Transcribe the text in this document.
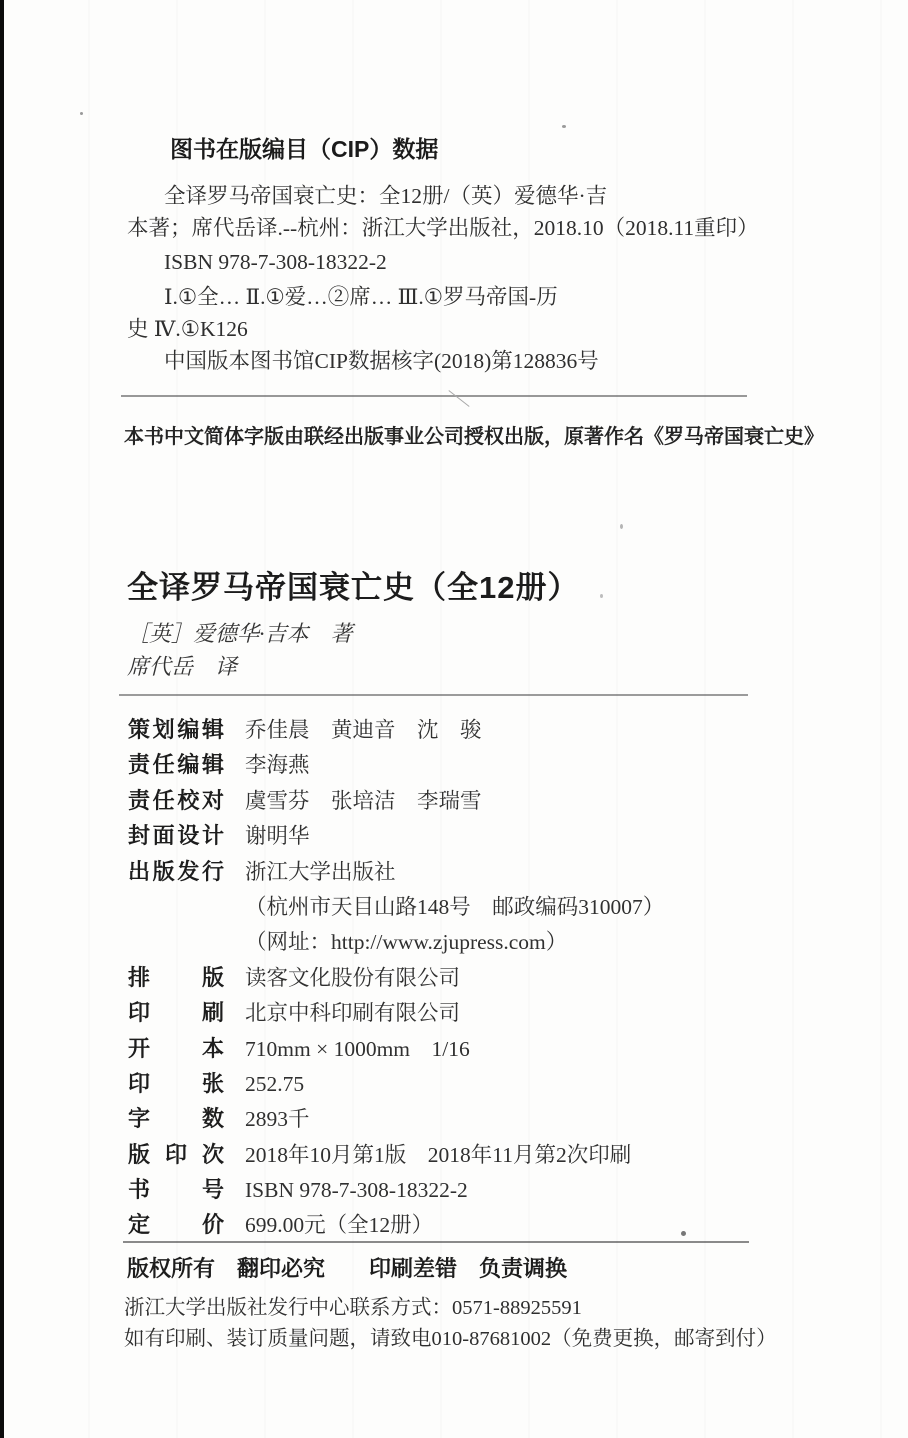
图书在版编目（CIP）数据
全译罗马帝国衰亡史：全12册/（英）爱德华·吉
本著；席代岳译.--杭州：浙江大学出版社，2018.10（2018.11重印）
ISBN 978-7-308-18322-2
Ⅰ.①全… Ⅱ.①爱…②席… Ⅲ.①罗马帝国-历
史 Ⅳ.①K126
中国版本图书馆CIP数据核字(2018)第128836号
本书中文简体字版由联经出版事业公司授权出版，原著作名《罗马帝国衰亡史》
全译罗马帝国衰亡史（全12册）
［英］爱德华·吉本　著
席代岳　译
策划编辑 乔佳晨　黄迪音　沈　骏
责任编辑 李海燕
责任校对 虞雪芬　张培洁　李瑞雪
封面设计 谢明华
出版发行 浙江大学出版社
（杭州市天目山路148号　邮政编码310007）
（网址：http://www.zjupress.com）
排版 读客文化股份有限公司
印刷 北京中科印刷有限公司
开本 710mm × 1000mm　1/16
印张 252.75
字数 2893千
版印次 2018年10月第1版　2018年11月第2次印刷
书号 ISBN 978-7-308-18322-2
定价 699.00元（全12册）
版权所有　翻印必究　　印刷差错　负责调换
浙江大学出版社发行中心联系方式：0571-88925591
如有印刷、装订质量问题，请致电010-87681002（免费更换，邮寄到付）
